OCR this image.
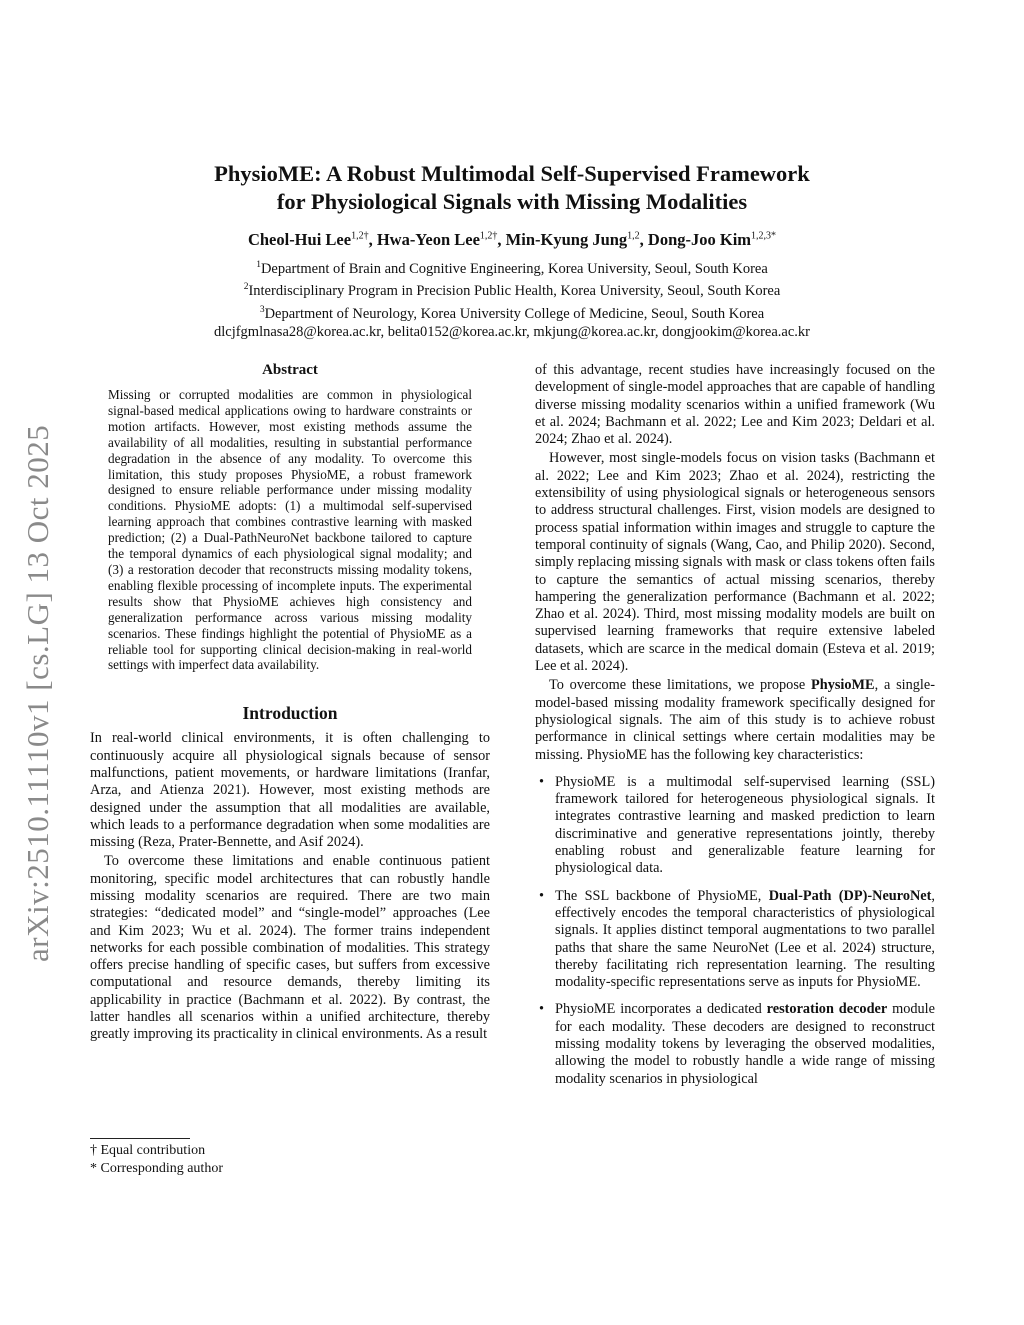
arXiv:2510.11110v1 [cs.LG] 13 Oct 2025
PhysioME: A Robust Multimodal Self-Supervised Framework
for Physiological Signals with Missing Modalities
Cheol-Hui Lee$^{1,2\dagger}$, Hwa-Yeon Lee$^{1,2\dagger}$, Min-Kyung Jung$^{1,2}$, Dong-Joo Kim$^{1,2,3*}$
$^1$Department of Brain and Cognitive Engineering, Korea University, Seoul, South Korea
$^2$Interdisciplinary Program in Precision Public Health, Korea University, Seoul, South Korea
$^3$Department of Neurology, Korea University College of Medicine, Seoul, South Korea
dlcjfgmlnasa28@korea.ac.kr, belita0152@korea.ac.kr, mkjung@korea.ac.kr, dongjookim@korea.ac.kr
Abstract
Missing or corrupted modalities are common in physiological signal-based medical applications owing to hardware constraints or motion artifacts. However, most existing methods assume the availability of all modalities, resulting in substantial performance degradation in the absence of any modality. To overcome this limitation, this study proposes PhysioME, a robust framework designed to ensure reliable performance under missing modality conditions. PhysioME adopts: (1) a multimodal self-supervised learning approach that combines contrastive learning with masked prediction; (2) a Dual-PathNeuroNet backbone tailored to capture the temporal dynamics of each physiological signal modality; and (3) a restoration decoder that reconstructs missing modality tokens, enabling flexible processing of incomplete inputs. The experimental results show that PhysioME achieves high consistency and generalization performance across various missing modality scenarios. These findings highlight the potential of PhysioME as a reliable tool for supporting clinical decision-making in real-world settings with imperfect data availability.
Introduction

In real-world clinical environments, it is often challenging to continuously acquire all physiological signals because of sensor malfunctions, patient movements, or hardware limitations (Iranfar, Arza, and Atienza 2021). However, most existing methods are designed under the assumption that all modalities are available, which leads to a performance degradation when some modalities are missing (Reza, Prater-Bennette, and Asif 2024).

To overcome these limitations and enable continuous patient monitoring, specific model architectures that can robustly handle missing modality scenarios are required. There are two main strategies: “dedicated model” and “single-model” approaches (Lee and Kim 2023; Wu et al. 2024). The former trains independent networks for each possible combination of modalities. This strategy offers precise handling of specific cases, but suffers from excessive computational and resource demands, thereby limiting its applicability in practice (Bachmann et al. 2022). By contrast, the latter handles all scenarios within a unified architecture, thereby greatly improving its practicality in clinical environments. As a result

of this advantage, recent studies have increasingly focused on the development of single-model approaches that are capable of handling diverse missing modality scenarios within a unified framework (Wu et al. 2024; Bachmann et al. 2022; Lee and Kim 2023; Deldari et al. 2024; Zhao et al. 2024).

However, most single-models focus on vision tasks (Bachmann et al. 2022; Lee and Kim 2023; Zhao et al. 2024), restricting the extensibility of using physiological signals or heterogeneous sensors to address structural challenges. First, vision models are designed to process spatial information within images and struggle to capture the temporal continuity of signals (Wang, Cao, and Philip 2020). Second, simply replacing missing signals with mask or class tokens often fails to capture the semantics of actual missing scenarios, thereby hampering the generalization performance (Bachmann et al. 2022; Zhao et al. 2024). Third, most missing modality models are built on supervised learning frameworks that require extensive labeled datasets, which are scarce in the medical domain (Esteva et al. 2019; Lee et al. 2024).

To overcome these limitations, we propose PhysioME, a single-model-based missing modality framework specifically designed for physiological signals. The aim of this study is to achieve robust performance in clinical settings where certain modalities may be missing. PhysioME has the following key characteristics:

• PhysioME is a multimodal self-supervised learning (SSL) framework tailored for heterogeneous physiological signals. It integrates contrastive learning and masked prediction to learn discriminative and generative representations jointly, thereby enabling robust and generalizable feature learning for physiological data.
• The SSL backbone of PhysioME, Dual-Path (DP)-NeuroNet, effectively encodes the temporal characteristics of physiological signals. It applies distinct temporal augmentations to two parallel paths that share the same NeuroNet (Lee et al. 2024) structure, thereby facilitating rich representation learning. The resulting modality-specific representations serve as inputs for PhysioME.
• PhysioME incorporates a dedicated restoration decoder module for each modality. These decoders are designed to reconstruct missing modality tokens by leveraging the observed modalities, allowing the model to robustly handle a wide range of missing modality scenarios in physiological
† Equal contribution
* Corresponding author
